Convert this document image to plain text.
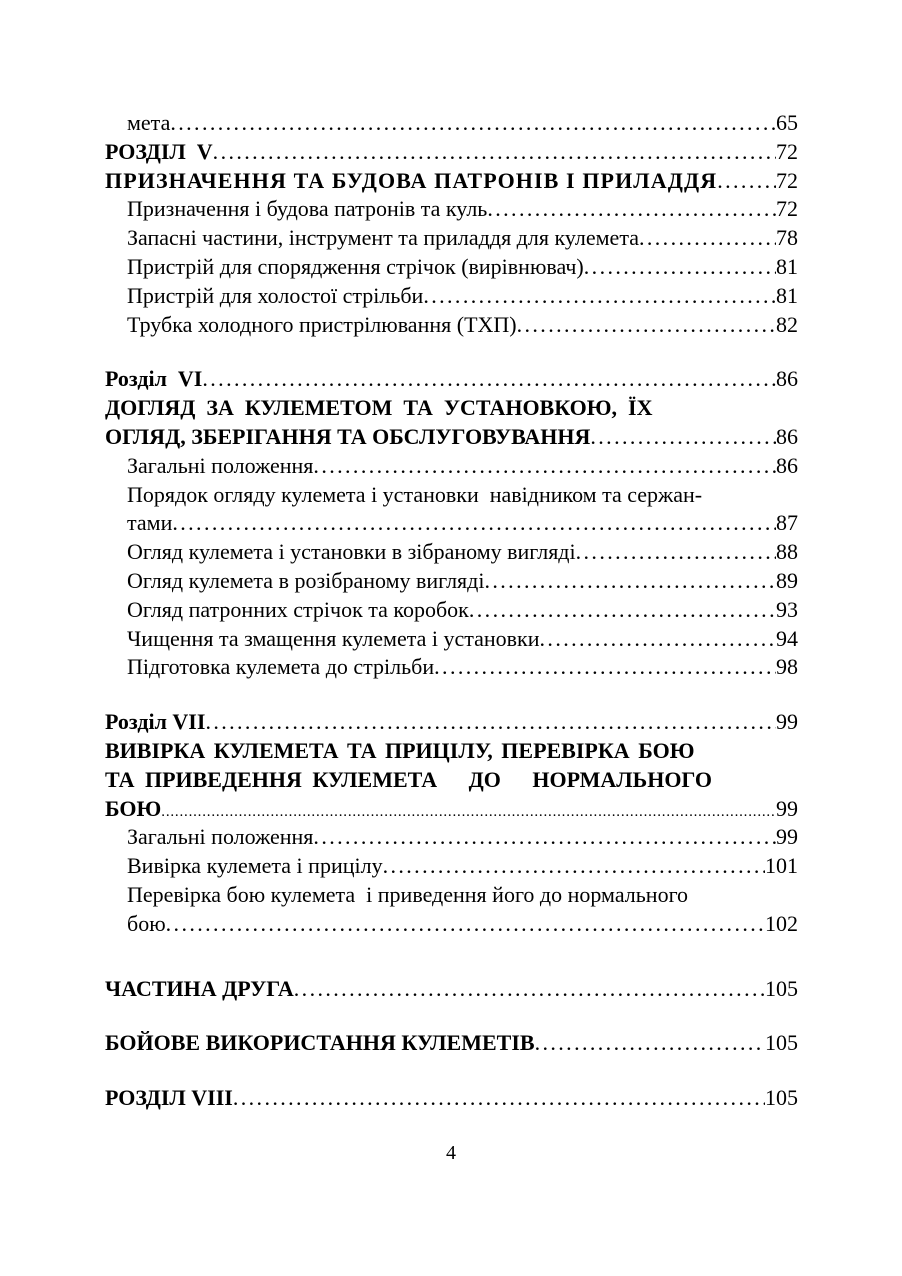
мета .....	65
РОЗДІЛ  V .....	72
ПРИЗНАЧЕННЯ ТА БУДОВА ПАТРОНІВ І ПРИЛАДДЯ .....	72
Призначення і будова патронів та куль .....	72
Запасні частини, інструмент та приладдя для кулемета .....	78
Пристрій для спорядження стрічок (вирівнювач) .....	81
Пристрій для холостої стрільби .....	81
Трубка холодного пристрілювання (ТХП) .....	82
Розділ  VI .....	86
ДОГЛЯД  ЗА  КУЛЕМЕТОМ  ТА  УСТАНОВКОЮ,  ЇХ
ОГЛЯД, ЗБЕРІГАННЯ ТА ОБСЛУГОВУВАННЯ .....	86
Загальні положення .....	86
Порядок огляду кулемета і установки  навідником та сержан-
тами .....	87
Огляд кулемета і установки в зібраному вигляді .....	88
Огляд кулемета в розібраному вигляді .....	89
Огляд патронних стрічок та коробок .....	93
Чищення та змащення кулемета і установки .....	94
Підготовка кулемета до стрільби .....	98
Розділ VII .....	99
ВИВІРКА КУЛЕМЕТА ТА ПРИЦІЛУ, ПЕРЕВІРКА БОЮ
ТА ПРИВЕДЕННЯ КУЛЕМЕТА   ДО   НОРМАЛЬНОГО
БОЮ .....	99
Загальні положення .....	99
Вивірка кулемета і прицілу .....	101
Перевірка бою кулемета  і приведення його до нормального
бою .....	102
ЧАСТИНА ДРУГА .....	105
БОЙОВЕ ВИКОРИСТАННЯ КУЛЕМЕТІВ .....	105
РОЗДІЛ VIII .....	105
4
